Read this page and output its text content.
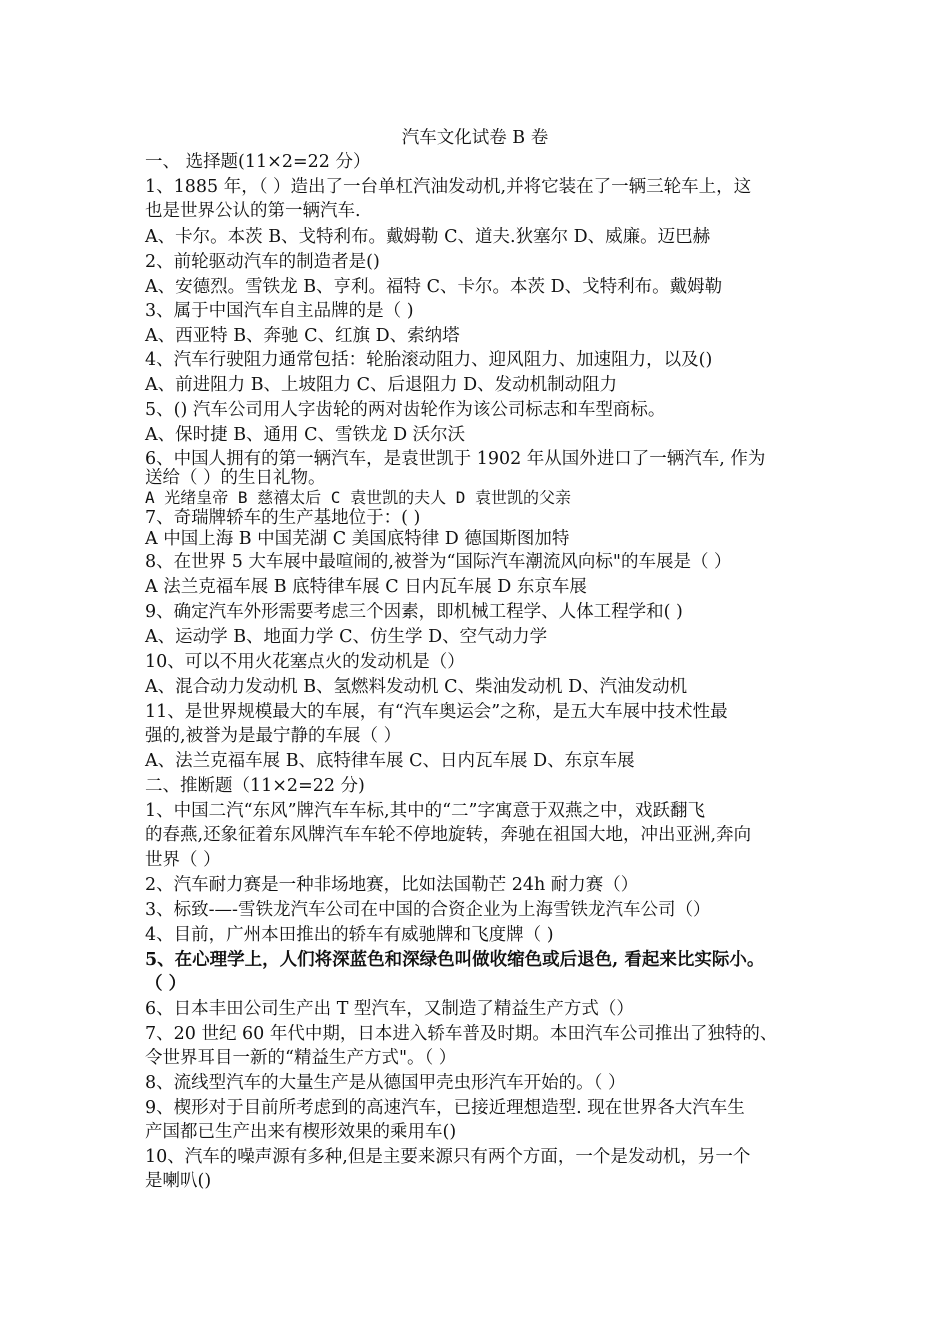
汽车文化试卷 B 卷
一、 选择题(11×2=22 分）
1、1885 年，（ ）造出了一台单杠汽油发动机,并将它装在了一辆三轮车上，这
也是世界公认的第一辆汽车.
A、卡尔。本茨 B、戈特利布。戴姆勒 C、道夫.狄塞尔 D、威廉。迈巴赫
2、前轮驱动汽车的制造者是()
A、安德烈。雪铁龙 B、亨利。福特 C、卡尔。本茨 D、戈特利布。戴姆勒
3、属于中国汽车自主品牌的是（ )
A、西亚特 B、奔驰 C、红旗 D、索纳塔
4、汽车行驶阻力通常包括：轮胎滚动阻力、迎风阻力、加速阻力，以及()
A、前进阻力 B、上坡阻力 C、后退阻力 D、发动机制动阻力
5、() 汽车公司用人字齿轮的两对齿轮作为该公司标志和车型商标。
A、保时捷 B、通用 C、雪铁龙 D 沃尔沃
6、中国人拥有的第一辆汽车，是袁世凯于 1902 年从国外进口了一辆汽车, 作为
送给（ ）的生日礼物。
A 光绪皇帝 B 慈禧太后 C 袁世凯的夫人 D 袁世凯的父亲
7、奇瑞牌轿车的生产基地位于：( )
A 中国上海 B 中国芜湖 C 美国底特律 D 德国斯图加特
8、在世界 5 大车展中最喧闹的,被誉为“国际汽车潮流风向标"的车展是（ ）
A 法兰克福车展 B 底特律车展 C 日内瓦车展 D 东京车展
9、确定汽车外形需要考虑三个因素，即机械工程学、人体工程学和( )
A、运动学 B、地面力学 C、仿生学 D、空气动力学
10、可以不用火花塞点火的发动机是（）
A、混合动力发动机 B、氢燃料发动机 C、柴油发动机 D、汽油发动机
11、是世界规模最大的车展，有“汽车奥运会”之称，是五大车展中技术性最
强的,被誉为是最宁静的车展（ ）
A、法兰克福车展 B、底特律车展 C、日内瓦车展 D、东京车展
二、推断题（11×2=22 分)
1、中国二汽“东风”牌汽车车标,其中的“二”字寓意于双燕之中，戏跃翻飞
的春燕,还象征着东风牌汽车车轮不停地旋转，奔驰在祖国大地，冲出亚洲,奔向
世界（ ）
2、汽车耐力赛是一种非场地赛，比如法国勒芒 24h 耐力赛（）
3、标致-—-雪铁龙汽车公司在中国的合资企业为上海雪铁龙汽车公司（）
4、目前，广州本田推出的轿车有威驰牌和飞度牌（ )
5、在心理学上，人们将深蓝色和深绿色叫做收缩色或后退色, 看起来比实际小。
（ ）
6、日本丰田公司生产出 T 型汽车，又制造了精益生产方式（）
7、20 世纪 60 年代中期，日本进入轿车普及时期。本田汽车公司推出了独特的、
令世界耳目一新的“精益生产方式"。（ ）
8、流线型汽车的大量生产是从德国甲壳虫形汽车开始的。（ ）
9、楔形对于目前所考虑到的高速汽车，已接近理想造型. 现在世界各大汽车生
产国都已生产出来有楔形效果的乘用车()
10、汽车的噪声源有多种,但是主要来源只有两个方面，一个是发动机，另一个
是喇叭()
